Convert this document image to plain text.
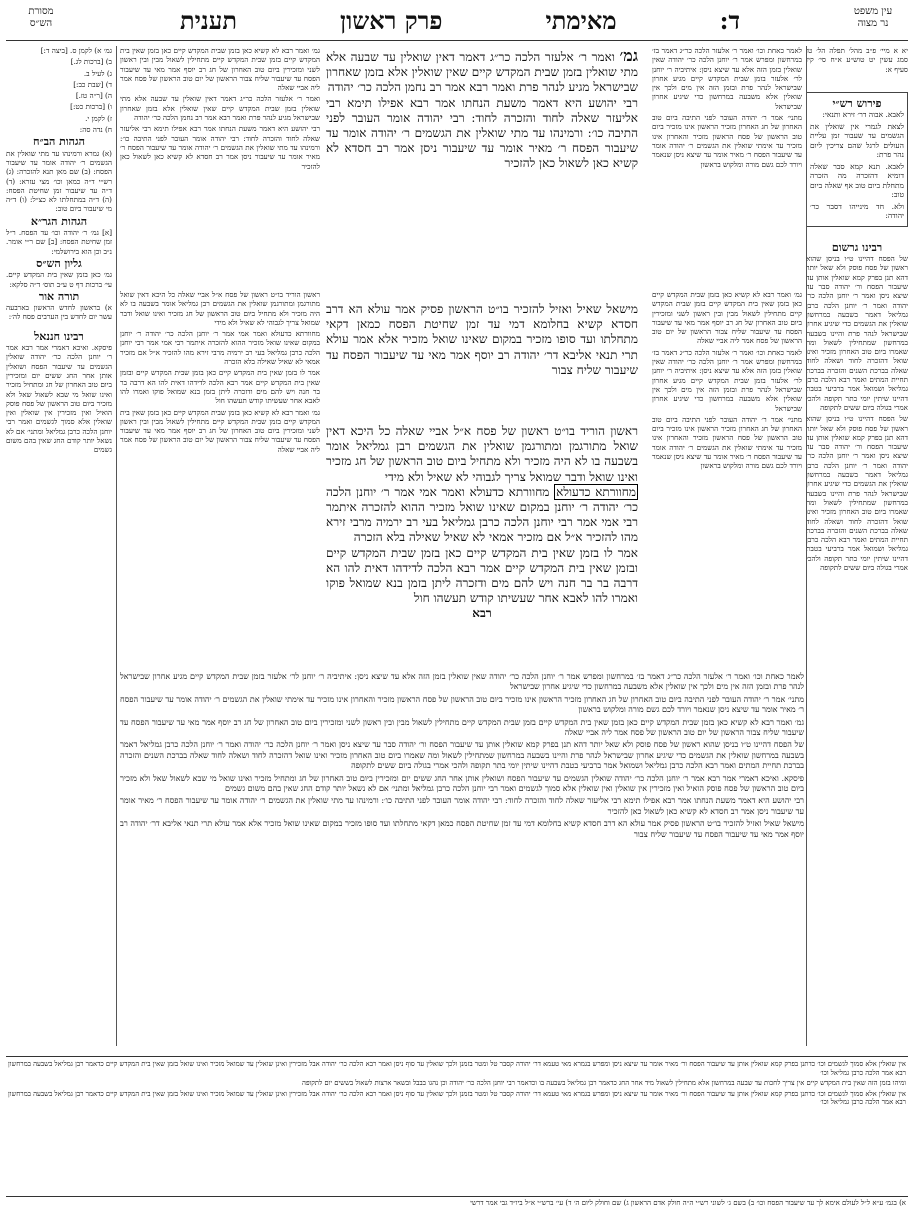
עין משפט
נר מצוה
ד:
מאימתי
פרק ראשון
תענית
מסורת
הש״ס

יא א מיי׳ פ״ב מהל׳ תפלה הל׳ טז סמג עשין יט טוש״ע א״ח סי׳ קיז סעיף א:

פירוש רש״י

לאבא. אבוה דר׳ זירא ותנאי:

לצאת לגמרי אין שואלין את הגשמים עד שעבור זמן עליית העולים לרגל שהם צריכין ליום נהר פרת:

לאבא. תנא קמא סבר שאלה דומיא דהזכרה מה הזכרה מתחלת ביום טוב אף שאלה ביום טוב:

ולא. חד מינייהו דסבר כר׳ יהודה:

רבינו גרשום

של הפסח דהיינו ט״ו בניסן שהוא ראשון של פסח פוסק ולא שאל יותר דהא תנן בפרק קמא שואלין אותן עד שיעבור הפסח ור׳ יהודה סבר עד שיצא ניסן ואמר ר׳ יוחנן הלכה כר׳ יהודה ואמר ר׳ יוחנן הלכה כרבן גמליאל דאמר בשבעה במרחשון שואלין את הגשמים כדי שיגיע אחרון שבישראל לנהר פרת והיינו בשבעה במרחשון שמתחילין לשאול ומה שאמרו ביום טוב האחרון מזכיר ואינו שואל דהזכרה לחוד ושאלה לחוד שאלה בברכת השנים והזכרה בברכת תחיית המתים ואמר רבא הלכה כרבן גמליאל ושמואל אמר ברביעי בטבת דהיינו שיתין יומי בתר תקופה ולהכי אמרי בגולה ביום ששים לתקופה

של הפסח דהיינו ט״ו בניסן שהוא ראשון של פסח פוסק ולא שאל יותר דהא תנן בפרק קמא שואלין אותן עד שיעבור הפסח ור׳ יהודה סבר עד שיצא ניסן ואמר ר׳ יוחנן הלכה כר׳ יהודה ואמר ר׳ יוחנן הלכה כרבן גמליאל דאמר בשבעה במרחשון שואלין את הגשמים כדי שיגיע אחרון שבישראל לנהר פרת והיינו בשבעה במרחשון שמתחילין לשאול ומה שאמרו ביום טוב האחרון מזכיר ואינו שואל דהזכרה לחוד ושאלה לחוד שאלה בברכת השנים והזכרה בברכת תחיית המתים ואמר רבא הלכה כרבן גמליאל ושמואל אמר ברביעי בטבת דהיינו שיתין יומי בתר תקופה ולהכי אמרי בגולה ביום ששים לתקופה

גמ׳ א) לקמן ס. [ביצה ד:]

ב) [ברכות לג.]

ג) לעיל ב.

ד) [שבת כב:]

ה) [ר״ה טז.]

ו) [ברכות כט:]

ז) לקמן י.

ח) נדה סה:

הגהות הב״ח

(א) גמרא ורמינהו עד מתי שואלין את הגשמים ר׳ יהודה אומר עד שיעבור הפסח: (ב) שם מאן תנא להזכרה: (ג) רש״י ד״ה כמאן וכו׳ מצי עזרא: (ד) ד״ה עד שיעבור זמן שחיטת הפסח: (ה) ד״ה במתחלתו לא כצ״ל: (ו) ד״ה מי שיעבור ביום טוב:

הגהות הגר״א

[א] גמ׳ ר׳ יהודה וכו׳ עד הפסח. ר״ל זמן שחיטת הפסח: [ב] שם ר״י אומר. נ״ב וכן הוא בירושלמי:

גליון הש״ס

גמ׳ כאן בזמן שאין בית המקדש קיים. עי׳ ברכות דף ט ע״ב תוס׳ ד״ה סלקא:

תורה אור

א) בראשון לחדש הראשון בארבעה עשר יום לחדש בין הערבים פסח לה׳:

רבינו חננאל

פיסקא. ואיכא דאמרי אמר רבא אמר ר׳ יוחנן הלכה כר׳ יהודה שואלין הגשמים עד שיעבור הפסח ושואלין אותן אחר החג ששים יום ומזכירין ביום טוב האחרון של חג ומתחיל מזכיר ואינו שואל מי שבא לשאול שאל ולא מזכיר ביום טוב הראשון של פסח פוסק הואיל ואין מזכירין אין שואלין ואין שואלין אלא סמוך לגשמים ואמר רבי יוחנן הלכה כרבן גמליאל ומתני׳ אם לא נשאל יותר קודם החג שאין בהם משום גשמים

לאמר כאחת וכו׳ ואמר ר׳ אלעזר הלכה כר״ג דאמר בז׳ במרחשון ומפרש אמר ר׳ יוחנן הלכה כר׳ יהודה שאין שואלין בזמן הזה אלא עד שיצא ניסן: איתיביה ר׳ יוחנן לר׳ אלעזר בזמן שבית המקדש קיים מגיע אחרון שבישראל לנהר פרת ובזמן הזה אין מים ולכך אין שואלין אלא משבעה במרחשון כדי שיגיע אחרון שבישראל

מתני׳ אמר ר׳ יהודה העובר לפני התיבה ביום טוב האחרון של חג האחרון מזכיר הראשון אינו מזכיר ביום טוב הראשון של פסח הראשון מזכיר והאחרון אינו מזכיר עד אימתי שואלין את הגשמים ר׳ יהודה אומר עד שיעבור הפסח ר׳ מאיר אומר עד שיצא ניסן שנאמר ויורד לכם גשם מורה ומלקוש בראשון

גמ׳ ואמר רבא לא קשיא כאן בזמן שבית המקדש קיים כאן בזמן שאין בית המקדש קיים בזמן שבית המקדש קיים מתחילין לשאול מבין ובין ראשון לשני ומזכירין ביום טוב האחרון של חג רב יוסף אמר מאי עד שיעבור הפסח עד שיעבור שליח צבור הראשון של יום טוב הראשון של פסח אמר ליה אביי שאלה

ואמר ר׳ אלעזר הלכה כר״ג דאמר דאין שואלין עד שבעה אלא מתי שואלין בזמן שבית המקדש קיים שאין שואלין אלא בזמן שאחרון שבישראל מגיע לנהר פרת ואמר רבא אמר רב נחמן הלכה כר׳ יהודה

רבי יהושע היא דאמר משעת הנחתו אמר רבא אפילו תימא רבי אליעזר שאלה לחוד והזכרה לחוד: רבי יהודה אומר העובר לפני התיבה כו׳: ורמינהו עד מתי שואלין את הגשמים ר׳ יהודה אומר עד שיעבור הפסח ר׳ מאיר אומר עד שיעבור ניסן אמר רב חסדא לא קשיא כאן לשאול כאן להזכיר

גמ׳ ואמר ר׳ אלעזר הלכה כר״ג דאמר דאין שואלין עד שבעה אלא מתי שואלין בזמן שבית המקדש קיים שאין שואלין אלא בזמן שאחרון שבישראל מגיע לנהר פרת ואמר רבא אמר רב נחמן הלכה כר׳ יהודה

רבי יהושע היא דאמר משעת הנחתו אמר רבא אפילו תימא רבי אליעזר שאלה לחוד והזכרה לחוד: רבי יהודה אומר העובר לפני התיבה כו׳: ורמינהו עד מתי שואלין את הגשמים ר׳ יהודה אומר עד שיעבור הפסח ר׳ מאיר אומר עד שיעבור ניסן אמר רב חסדא לא קשיא כאן לשאול כאן להזכיר

מישאל שאיל ואזיל להזכיר בו״ט הראשון פסיק אמר עולא הא דרב חסדא קשיא בחלומא דמי עד זמן שחיטת הפסח כמאן דקאי מתחלתו ועד סופו מזכיר במקום שאינו שואל מזכיר אלא אמר עולא תרי תנאי אליבא דר׳ יהודה רב יוסף אמר מאי עד שיעבור הפסח עד שיעבור שליח צבור

גמ׳ ואמר רבא לא קשיא כאן בזמן שבית המקדש קיים כאן בזמן שאין בית המקדש קיים בזמן שבית המקדש קיים מתחילין לשאול מבין ובין ראשון לשני ומזכירין ביום טוב האחרון של חג רב יוסף אמר מאי עד שיעבור הפסח עד שיעבור שליח צבור הראשון של יום טוב הראשון של פסח אמר ליה אביי שאלה

לאמר כאחת וכו׳ ואמר ר׳ אלעזר הלכה כר״ג דאמר בז׳ במרחשון ומפרש אמר ר׳ יוחנן הלכה כר׳ יהודה שאין שואלין בזמן הזה אלא עד שיצא ניסן: איתיביה ר׳ יוחנן לר׳ אלעזר בזמן שבית המקדש קיים מגיע אחרון שבישראל לנהר פרת ובזמן הזה אין מים ולכך אין שואלין אלא משבעה במרחשון כדי שיגיע אחרון שבישראל

מתני׳ אמר ר׳ יהודה העובר לפני התיבה ביום טוב האחרון של חג האחרון מזכיר הראשון אינו מזכיר ביום טוב הראשון של פסח הראשון מזכיר והאחרון אינו מזכיר עד אימתי שואלין את הגשמים ר׳ יהודה אומר עד שיעבור הפסח ר׳ מאיר אומר עד שיצא ניסן שנאמר ויורד לכם גשם מורה ומלקוש בראשון

ראשון הוריד בו״ט ראשון של פסח א״ל אביי שאלה כל היכא דאין שואל מתורגמן ומתורגמן שואלין את הגשמים רבן גמליאל אומר בשבעה בו לא היה מזכיר ולא מתחיל ביום טוב הראשון של חג מזכיר ואינו שואל ודבר שמואל צריך לגבוהי לא שאיל ולא מידי

מחוורתא כדעולא ואמר אמי אמר ר׳ יוחנן הלכה כר׳ יהודה ר׳ יוחנן במקום שאינו שואל מזכיר ההוא להזכרה איתמר רבי אמי אמר רבי יוחנן הלכה כרבן גמליאל בעי רב ירמיה מרבי זירא מהו להזכיר א״ל אם מזכיר אמאי לא שאיל שאילה בלא הזכרה

אמר לו בזמן שאין בית המקדש קיים כאן בזמן שבית המקדש קיים ובזמן שאין בית המקדש קיים אמר רבא הלכה לדידהו דאית להו הא דרבה בר בר חנה ויש להם מים ודזכרה ליתן בזמן בנא שמואל פוקו ואמרו להו לאבא אחר שעשיתו קודש תעשהו חול

גמ׳ ואמר רבא לא קשיא כאן בזמן שבית המקדש קיים כאן בזמן שאין בית המקדש קיים בזמן שבית המקדש קיים מתחילין לשאול מבין ובין ראשון לשני ומזכירין ביום טוב האחרון של חג רב יוסף אמר מאי עד שיעבור הפסח עד שיעבור שליח צבור הראשון של יום טוב הראשון של פסח אמר ליה אביי שאלה

ראשון הוריד בו״ט ראשון של פסח א״ל אביי שאלה כל היכא דאין שואל מתורגמן ומתורגמן שואלין את הגשמים רבן גמליאל אומר בשבעה בו לא היה מזכיר ולא מתחיל ביום טוב הראשון של חג מזכיר ואינו שואל ודבר שמואל צריך לגבוהי לא שאיל ולא מידי

מחוורתא כדעולא מחוורתא כדעולא ואמר אמי אמר ר׳ יוחנן הלכה כר׳ יהודה ר׳ יוחנן במקום שאינו שואל מזכיר ההוא להזכרה איתמר רבי אמי אמר רבי יוחנן הלכה כרבן גמליאל בעי רב ירמיה מרבי זירא מהו להזכיר א״ל אם מזכיר אמאי לא שאיל שאילה בלא הזכרה

אמר לו בזמן שאין בית המקדש קיים כאן בזמן שבית המקדש קיים ובזמן שאין בית המקדש קיים אמר רבא הלכה לדידהו דאית להו הא דרבה בר בר חנה ויש להם מים ודזכרה ליתן בזמן בנא שמואל פוקו ואמרו להו לאבא אחר שעשיתו קודש תעשהו חול

רבא

לאמר כאחת וכו׳ ואמר ר׳ אלעזר הלכה כר״ג דאמר בז׳ במרחשון ומפרש אמר ר׳ יוחנן הלכה כר׳ יהודה שאין שואלין בזמן הזה אלא עד שיצא ניסן: איתיביה ר׳ יוחנן לר׳ אלעזר בזמן שבית המקדש קיים מגיע אחרון שבישראל לנהר פרת ובזמן הזה אין מים ולכך אין שואלין אלא משבעה במרחשון כדי שיגיע אחרון שבישראל

מתני׳ אמר ר׳ יהודה העובר לפני התיבה ביום טוב האחרון של חג האחרון מזכיר הראשון אינו מזכיר ביום טוב הראשון של פסח הראשון מזכיר והאחרון אינו מזכיר עד אימתי שואלין את הגשמים ר׳ יהודה אומר עד שיעבור הפסח ר׳ מאיר אומר עד שיצא ניסן שנאמר ויורד לכם גשם מורה ומלקוש בראשון

גמ׳ ואמר רבא לא קשיא כאן בזמן שבית המקדש קיים כאן בזמן שאין בית המקדש קיים בזמן שבית המקדש קיים מתחילין לשאול מבין ובין ראשון לשני ומזכירין ביום טוב האחרון של חג רב יוסף אמר מאי עד שיעבור הפסח עד שיעבור שליח צבור הראשון של יום טוב הראשון של פסח אמר ליה אביי שאלה

של הפסח דהיינו ט״ו בניסן שהוא ראשון של פסח פוסק ולא שאל יותר דהא תנן בפרק קמא שואלין אותן עד שיעבור הפסח ור׳ יהודה סבר עד שיצא ניסן ואמר ר׳ יוחנן הלכה כר׳ יהודה ואמר ר׳ יוחנן הלכה כרבן גמליאל דאמר בשבעה במרחשון שואלין את הגשמים כדי שיגיע אחרון שבישראל לנהר פרת והיינו בשבעה במרחשון שמתחילין לשאול ומה שאמרו ביום טוב האחרון מזכיר ואינו שואל דהזכרה לחוד ושאלה לחוד שאלה בברכת השנים והזכרה בברכת תחיית המתים ואמר רבא הלכה כרבן גמליאל ושמואל אמר ברביעי בטבת דהיינו שיתין יומי בתר תקופה ולהכי אמרי בגולה ביום ששים לתקופה

פיסקא. ואיכא דאמרי אמר רבא אמר ר׳ יוחנן הלכה כר׳ יהודה שואלין הגשמים עד שיעבור הפסח ושואלין אותן אחר החג ששים יום ומזכירין ביום טוב האחרון של חג ומתחיל מזכיר ואינו שואל מי שבא לשאול שאל ולא מזכיר ביום טוב הראשון של פסח פוסק הואיל ואין מזכירין אין שואלין ואין שואלין אלא סמוך לגשמים ואמר רבי יוחנן הלכה כרבן גמליאל ומתני׳ אם לא נשאל יותר קודם החג שאין בהם משום גשמים

רבי יהושע היא דאמר משעת הנחתו אמר רבא אפילו תימא רבי אליעזר שאלה לחוד והזכרה לחוד: רבי יהודה אומר העובר לפני התיבה כו׳: ורמינהו עד מתי שואלין את הגשמים ר׳ יהודה אומר עד שיעבור הפסח ר׳ מאיר אומר עד שיעבור ניסן אמר רב חסדא לא קשיא כאן לשאול כאן להזכיר

מישאל שאיל ואזיל להזכיר בו״ט הראשון פסיק אמר עולא הא דרב חסדא קשיא בחלומא דמי עד זמן שחיטת הפסח כמאן דקאי מתחלתו ועד סופו מזכיר במקום שאינו שואל מזכיר אלא אמר עולא תרי תנאי אליבא דר׳ יהודה רב יוסף אמר מאי עד שיעבור הפסח עד שיעבור שליח צבור

אין שואלין אלא סמוך לגשמים וכו׳ כדתנן בפרק קמא שואלין אותן עד שיעבור הפסח ור׳ מאיר אומר עד שיצא ניסן ומפרש בגמרא מאי טעמא דר׳ יהודה קסבר טל ומטר בזמנן ולכך שואלין עד סוף ניסן ואמר רבא הלכה כר׳ יהודה אבל מזכירין ואינן שואלין עד שמואל מזכיר ואינו שואל בזמן שאין בית המקדש קיים כדאמר רבן גמליאל בשבעה במרחשון רבא אמר הלכה כרבן גמליאל וכו׳

ומיהו בזמן הזה שאין בית המקדש קיים אין צריך לחכות עד שבעה במרחשון אלא מתחילין לשאול מיד אחר החג כדאמר רבן גמליאל בשבעה בו וכדאמר רבי יוחנן הלכה כר׳ יהודה וכן נהגו בבבל ובשאר ארצות לשאול בששים יום לתקופה

אין שואלין אלא סמוך לגשמים וכו׳ כדתנן בפרק קמא שואלין אותן עד שיעבור הפסח ור׳ מאיר אומר עד שיצא ניסן ומפרש בגמרא מאי טעמא דר׳ יהודה קסבר טל ומטר בזמנן ולכך שואלין עד סוף ניסן ואמר רבא הלכה כר׳ יהודה אבל מזכירין ואינן שואלין עד שמואל מזכיר ואינו שואל בזמן שאין בית המקדש קיים כדאמר רבן גמליאל בשבעה במרחשון רבא אמר הלכה כרבן גמליאל וכו׳

א) בגמ׳ ע״א ל״ל לעולם אימא לך עד שיעבור הפסח וכו׳ ב) בשם ג׳ לשוני רש״י ה״ה חולק אדם הראשון ג) שם וחולק ליום ה׳ ד) עי׳ ברש״י א״ל ביו״ד גבי אמר דרשי
